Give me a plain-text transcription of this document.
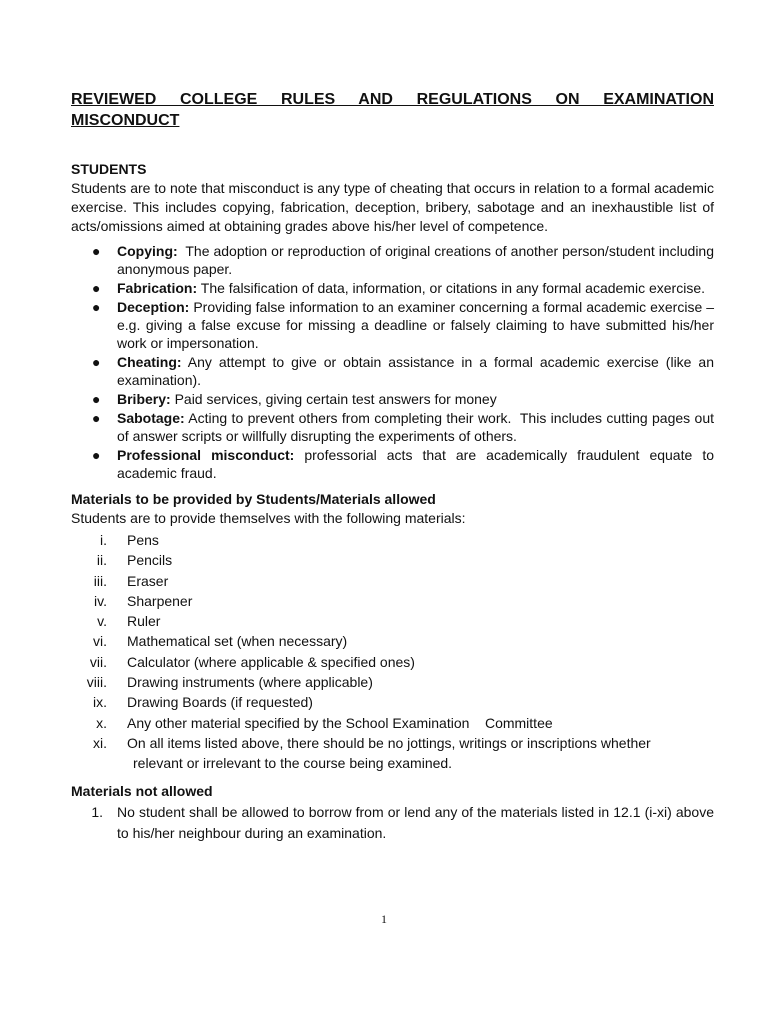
REVIEWED COLLEGE RULES AND REGULATIONS ON EXAMINATION MISCONDUCT
STUDENTS

Students are to note that misconduct is any type of cheating that occurs in relation to a formal academic exercise. This includes copying, fabrication, deception, bribery, sabotage and an inexhaustible list of acts/omissions aimed at obtaining grades above his/her level of competence.

● Copying:  The adoption or reproduction of original creations of another person/student including anonymous paper.
● Fabrication: The falsification of data, information, or citations in any formal academic exercise.
● Deception: Providing false information to an examiner concerning a formal academic exercise – e.g. giving a false excuse for missing a deadline or falsely claiming to have submitted his/her work or impersonation.
● Cheating: Any attempt to give or obtain assistance in a formal academic exercise (like an examination).
● Bribery: Paid services, giving certain test answers for money
● Sabotage: Acting to prevent others from completing their work.  This includes cutting pages out of answer scripts or willfully disrupting the experiments of others.
● Professional misconduct: professorial acts that are academically fraudulent equate to academic fraud.
Materials to be provided by Students/Materials allowed

Students are to provide themselves with the following materials:

i. Pens
ii. Pencils
iii. Eraser
iv. Sharpener
v. Ruler
vi. Mathematical set (when necessary)
vii. Calculator (where applicable & specified ones)
viii. Drawing instruments (where applicable)
ix. Drawing Boards (if requested)
x. Any other material specified by the School Examination    Committee
xi. On all items listed above, there should be no jottings, writings or inscriptions whether
relevant or irrelevant to the course being examined.
Materials not allowed
1. No student shall be allowed to borrow from or lend any of the materials listed in 12.1 (i-xi) above to his/her neighbour during an examination.
1
